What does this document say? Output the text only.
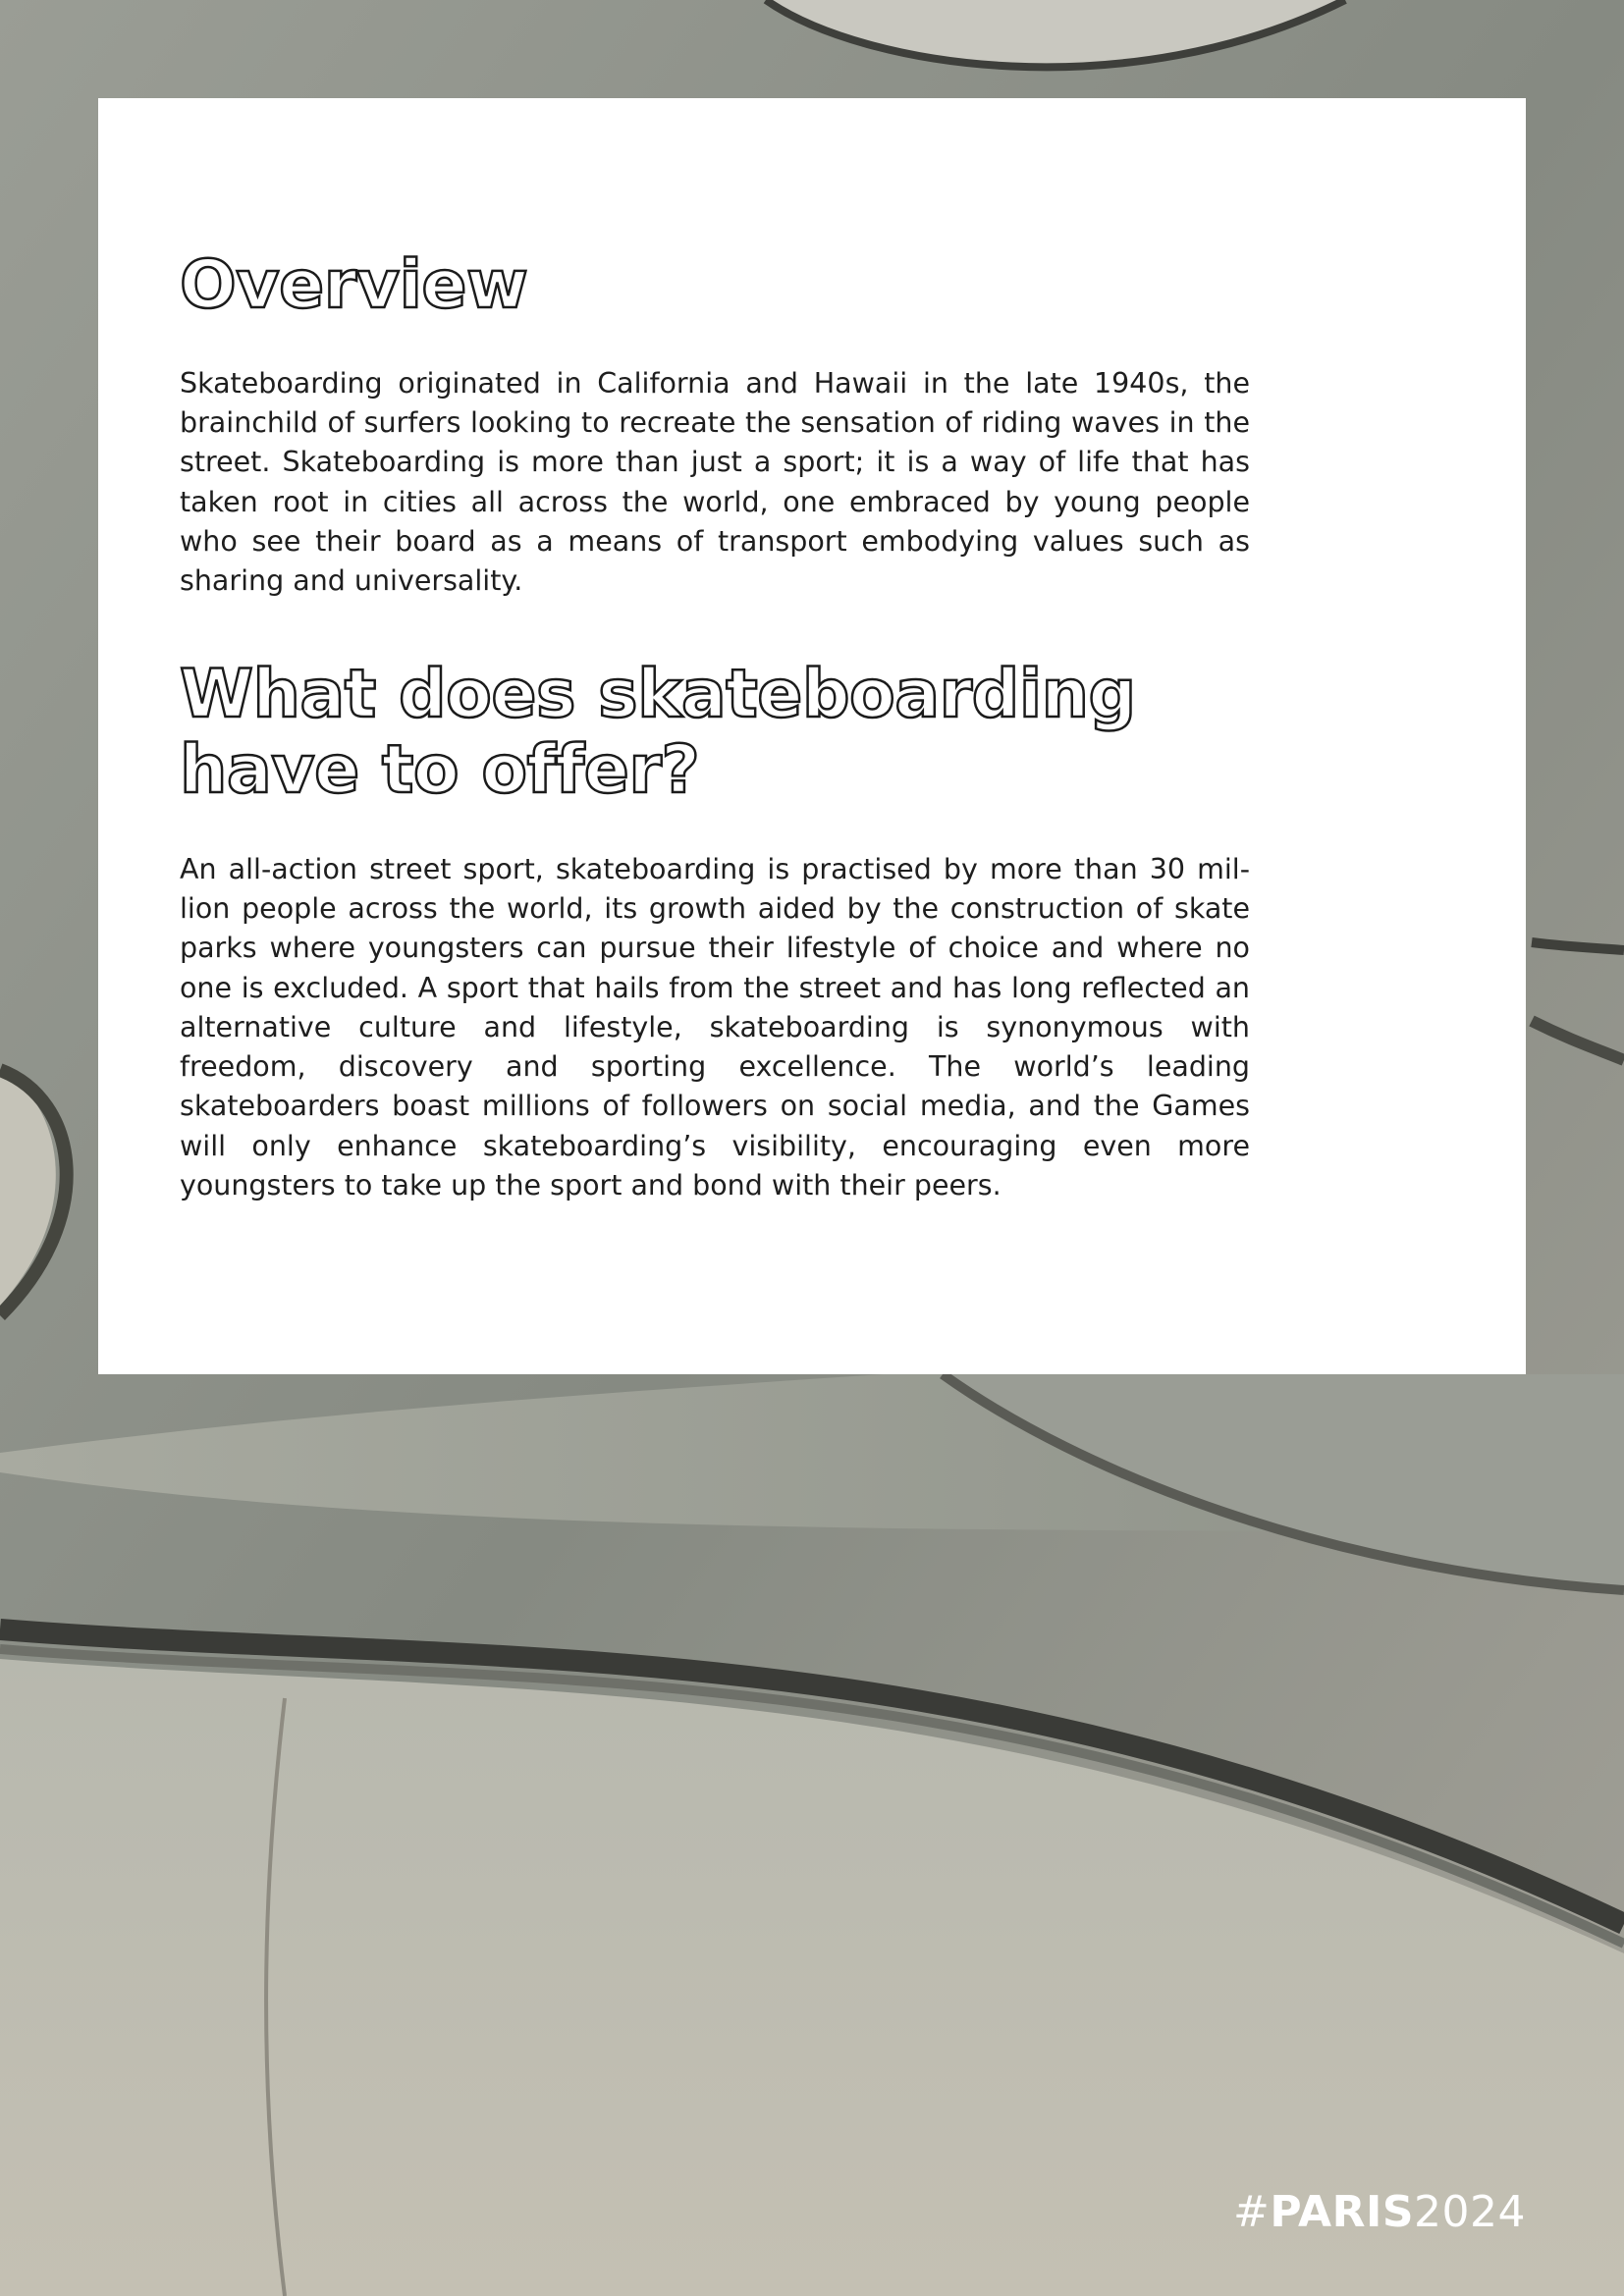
Overview

Skateboarding originated in California and Hawaii in the late 1940s, the brainchild of surfers looking to recreate the sensation of riding waves in the street. Skateboarding is more than just a sport; it is a way of life that has taken root in cities all across the world, one embraced by young people who see their board as a means of transport embodying values such as sharing and universality.

What does skateboarding have to offer?

An all-action street sport, skateboarding is practised by more than 30 million people across the world, its growth aided by the construction of skate parks where youngsters can pursue their lifestyle of choice and where no one is excluded. A sport that hails from the street and has long reflected an alternative culture and lifestyle, skateboarding is synonymous with freedom, discovery and sporting excellence. The world’s leading skateboarders boast millions of followers on social media, and the Games will only enhance skateboarding’s visibility, encouraging even more youngsters to take up the sport and bond with their peers.

#PARIS2024
